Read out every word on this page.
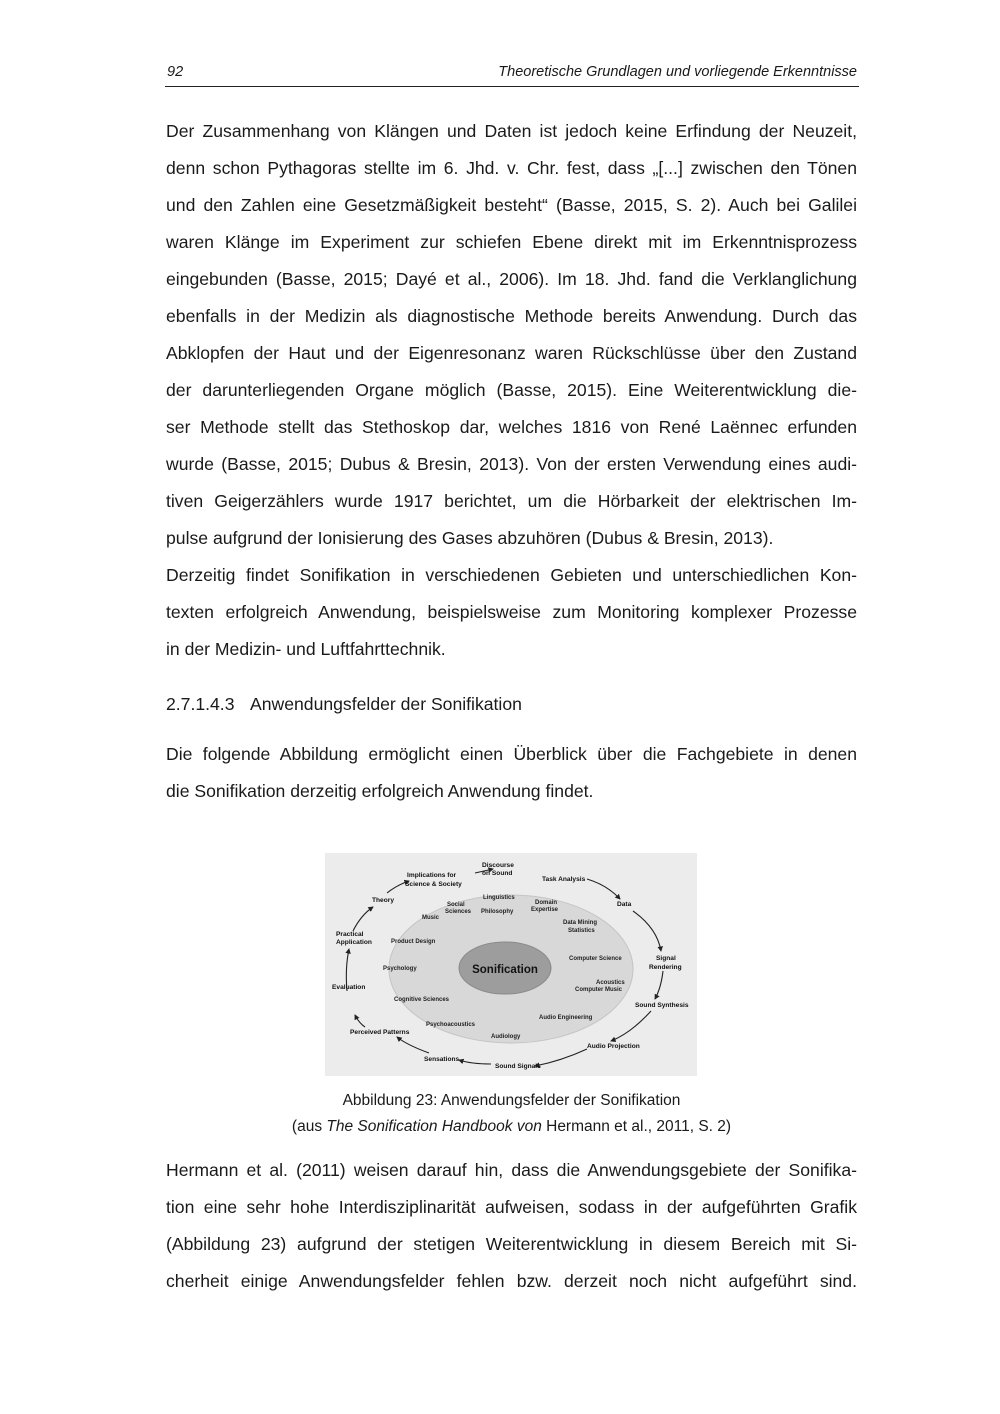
92	Theoretische Grundlagen und vorliegende Erkenntnisse
Der Zusammenhang von Klängen und Daten ist jedoch keine Erfindung der Neuzeit,
denn schon Pythagoras stellte im 6. Jhd. v. Chr. fest, dass „[...] zwischen den Tönen
und den Zahlen eine Gesetzmäßigkeit besteht“ (Basse, 2015, S. 2). Auch bei Galilei
waren Klänge im Experiment zur schiefen Ebene direkt mit im Erkenntnisprozess
eingebunden (Basse, 2015; Dayé et al., 2006). Im 18. Jhd. fand die Verklanglichung
ebenfalls in der Medizin als diagnostische Methode bereits Anwendung. Durch das
Abklopfen der Haut und der Eigenresonanz waren Rückschlüsse über den Zustand
der darunterliegenden Organe möglich (Basse, 2015). Eine Weiterentwicklung die-
ser Methode stellt das Stethoskop dar, welches 1816 von René Laënnec erfunden
wurde (Basse, 2015; Dubus & Bresin, 2013). Von der ersten Verwendung eines audi-
tiven Geigerzählers wurde 1917 berichtet, um die Hörbarkeit der elektrischen Im-
pulse aufgrund der Ionisierung des Gases abzuhören (Dubus & Bresin, 2013).
Derzeitig findet Sonifikation in verschiedenen Gebieten und unterschiedlichen Kon-
texten erfolgreich Anwendung, beispielsweise zum Monitoring komplexer Prozesse
in der Medizin- und Luftfahrttechnik.
2.7.1.4.3 Anwendungsfelder der Sonifikation
Die folgende Abbildung ermöglicht einen Überblick über die Fachgebiete in denen
die Sonifikation derzeitig erfolgreich Anwendung findet.
Sonification
Implications for
Science & Society
Discourse
on Sound
Task Analysis
Data
Theory
Signal
Rendering
Practical
Application
Evaluation
Sound Synthesis
Perceived Patterns
Audio Projection
Sensations
Sound Signals
Linguistics
Social
Sciences Philosophy
Domain
Expertise
Music
Data Mining
Statistics
Product Design
Psychology
Computer Science
Acoustics
Computer Music
Cognitive Sciences
Audio Engineering
Psychoacoustics
Audiology
Abbildung 23: Anwendungsfelder der Sonifikation
(aus The Sonification Handbook von Hermann et al., 2011, S. 2)
Hermann et al. (2011) weisen darauf hin, dass die Anwendungsgebiete der Sonifika-
tion eine sehr hohe Interdisziplinarität aufweisen, sodass in der aufgeführten Grafik
(Abbildung 23) aufgrund der stetigen Weiterentwicklung in diesem Bereich mit Si-
cherheit einige Anwendungsfelder fehlen bzw. derzeit noch nicht aufgeführt sind.
